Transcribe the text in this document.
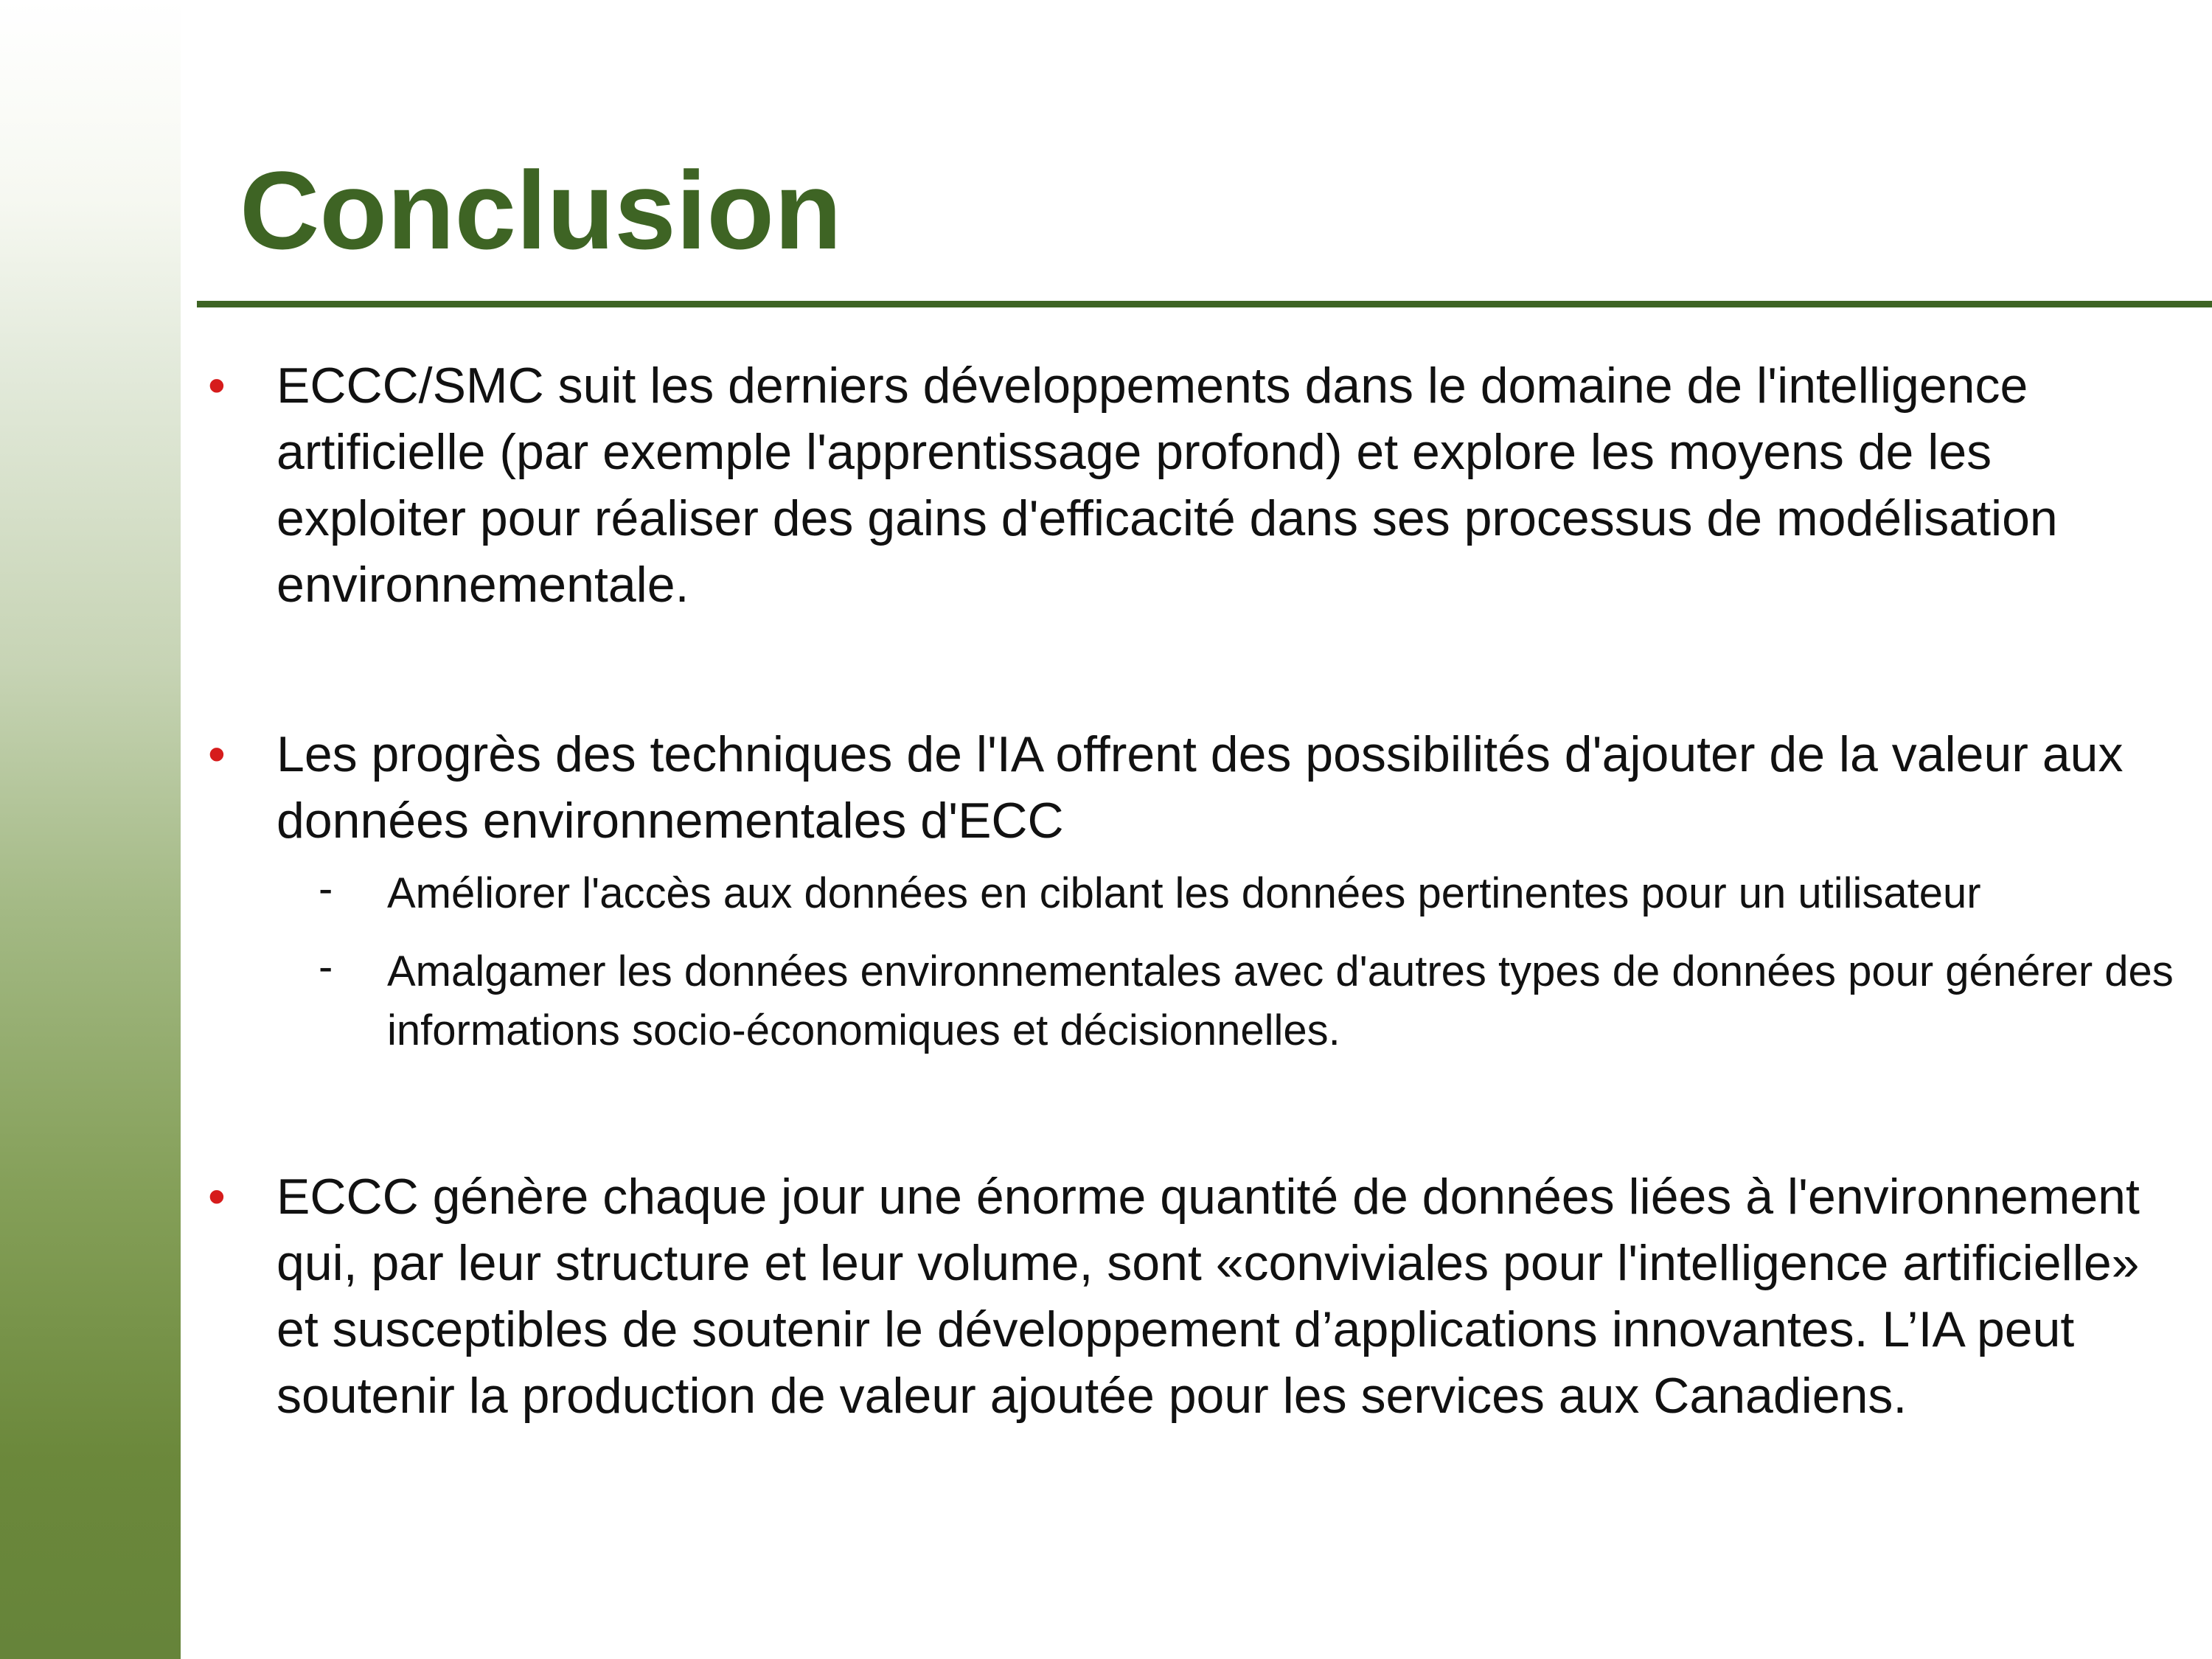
Conclusion
• ECCC/SMC suit les derniers développements dans le domaine de l'intelligence artificielle (par exemple l'apprentissage profond) et explore les moyens de les exploiter pour réaliser des gains d'efficacité dans ses processus de modélisation environnementale.
• Les progrès des techniques de l'IA offrent des possibilités d'ajouter de la valeur aux données environnementales d'ECC
- Améliorer l'accès aux données en ciblant les données pertinentes pour un utilisateur
- Amalgamer les données environnementales avec d'autres types de données pour générer des informations socio-économiques et décisionnelles.
• ECCC génère chaque jour une énorme quantité de données liées à l'environnement qui, par leur structure et leur volume, sont «conviviales pour l'intelligence artificielle» et susceptibles de soutenir le développement d’applications innovantes. L’IA peut soutenir la production de valeur ajoutée pour les services aux Canadiens.
